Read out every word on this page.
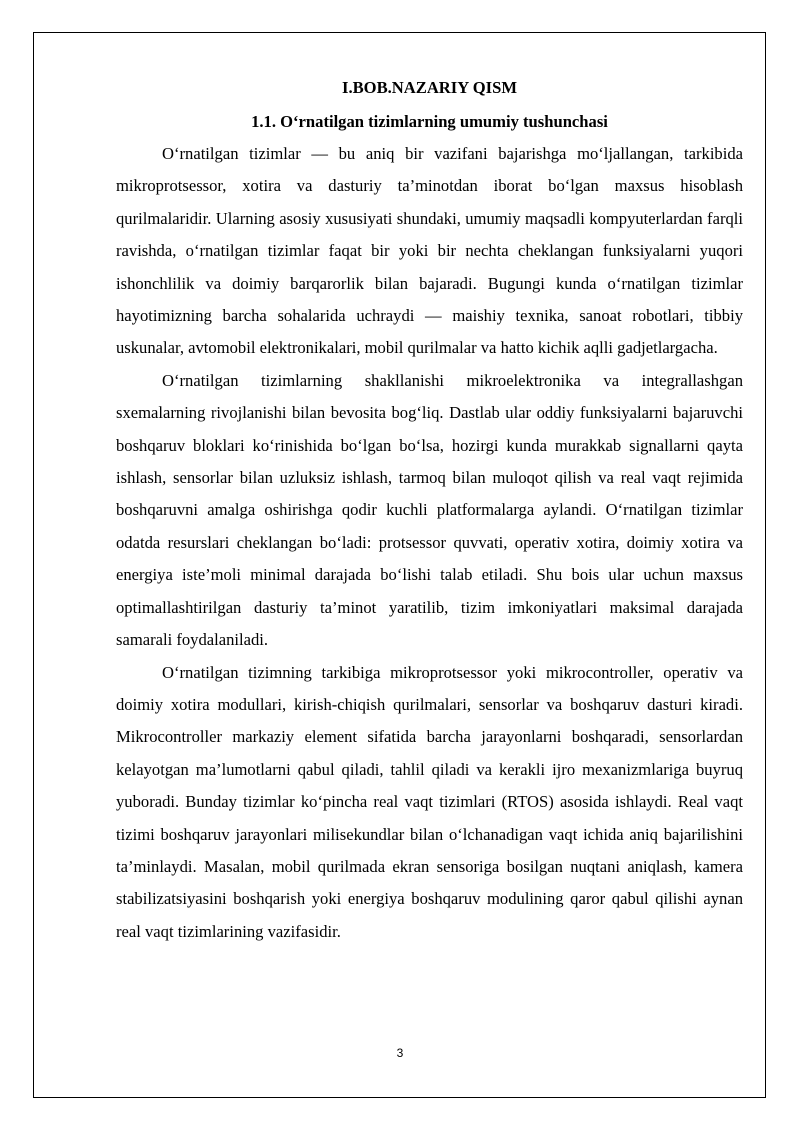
I.BOB.NAZARIY QISM

1.1. O‘rnatilgan tizimlarning umumiy tushunchasi

O‘rnatilgan tizimlar — bu aniq bir vazifani bajarishga mo‘ljallangan, tarkibida mikroprotsessor, xotira va dasturiy ta’minotdan iborat bo‘lgan maxsus hisoblash qurilmalaridir. Ularning asosiy xususiyati shundaki, umumiy maqsadli kompyuterlardan farqli ravishda, o‘rnatilgan tizimlar faqat bir yoki bir nechta cheklangan funksiyalarni yuqori ishonchlilik va doimiy barqarorlik bilan bajaradi. Bugungi kunda o‘rnatilgan tizimlar hayotimizning barcha sohalarida uchraydi — maishiy texnika, sanoat robotlari, tibbiy uskunalar, avtomobil elektronikalari, mobil qurilmalar va hatto kichik aqlli gadjetlargacha.

O‘rnatilgan tizimlarning shakllanishi mikroelektronika va integrallashgan sxemalarning rivojlanishi bilan bevosita bog‘liq. Dastlab ular oddiy funksiyalarni bajaruvchi boshqaruv bloklari ko‘rinishida bo‘lgan bo‘lsa, hozirgi kunda murakkab signallarni qayta ishlash, sensorlar bilan uzluksiz ishlash, tarmoq bilan muloqot qilish va real vaqt rejimida boshqaruvni amalga oshirishga qodir kuchli platformalarga aylandi. O‘rnatilgan tizimlar odatda resurslari cheklangan bo‘ladi: protsessor quvvati, operativ xotira, doimiy xotira va energiya iste’moli minimal darajada bo‘lishi talab etiladi. Shu bois ular uchun maxsus optimallashtirilgan dasturiy ta’minot yaratilib, tizim imkoniyatlari maksimal darajada samarali foydalaniladi.

O‘rnatilgan tizimning tarkibiga mikroprotsessor yoki mikrocontroller, operativ va doimiy xotira modullari, kirish-chiqish qurilmalari, sensorlar va boshqaruv dasturi kiradi. Mikrocontroller markaziy element sifatida barcha jarayonlarni boshqaradi, sensorlardan kelayotgan ma’lumotlarni qabul qiladi, tahlil qiladi va kerakli ijro mexanizmlariga buyruq yuboradi. Bunday tizimlar ko‘pincha real vaqt tizimlari (RTOS) asosida ishlaydi. Real vaqt tizimi boshqaruv jarayonlari milisekundlar bilan o‘lchanadigan vaqt ichida aniq bajarilishini ta’minlaydi. Masalan, mobil qurilmada ekran sensoriga bosilgan nuqtani aniqlash, kamera stabilizatsiyasini boshqarish yoki energiya boshqaruv modulining qaror qabul qilishi aynan real vaqt tizimlarining vazifasidir.

3
